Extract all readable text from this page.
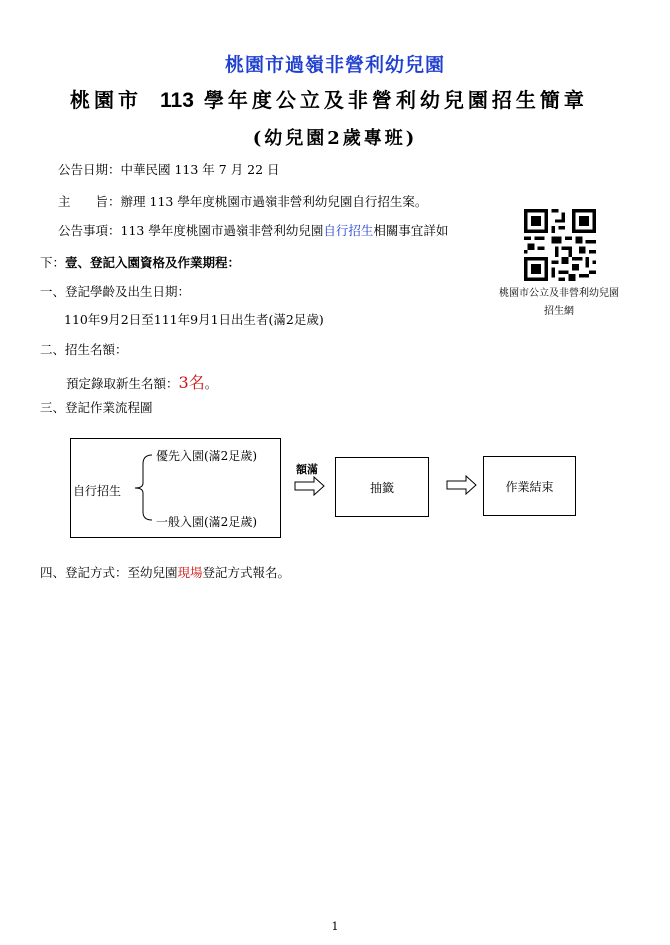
桃園市過嶺非營利幼兒園
桃園市 113 學年度公立及非營利幼兒園招生簡章
(幼兒園2歲專班)
公告日期：中華民國 113 年 7 月 22 日
主　　旨：辦理 113 學年度桃園市過嶺非營利幼兒園自行招生案。
公告事項：113 學年度桃園市過嶺非營利幼兒園自行招生相關事宜詳如
下：壹、登記入園資格及作業期程：
桃園市公立及非營利幼兒園
招生網
一、登記學齡及出生日期：
110年9月2日至111年9月1日出生者(滿2足歲)
二、招生名額：
預定錄取新生名額：3名。
三、登記作業流程圖
自行招生
優先入園(滿2足歲)
一般入園(滿2足歲)
額滿
抽籤	作業結束
四、登記方式：至幼兒園現場登記方式報名。
1
